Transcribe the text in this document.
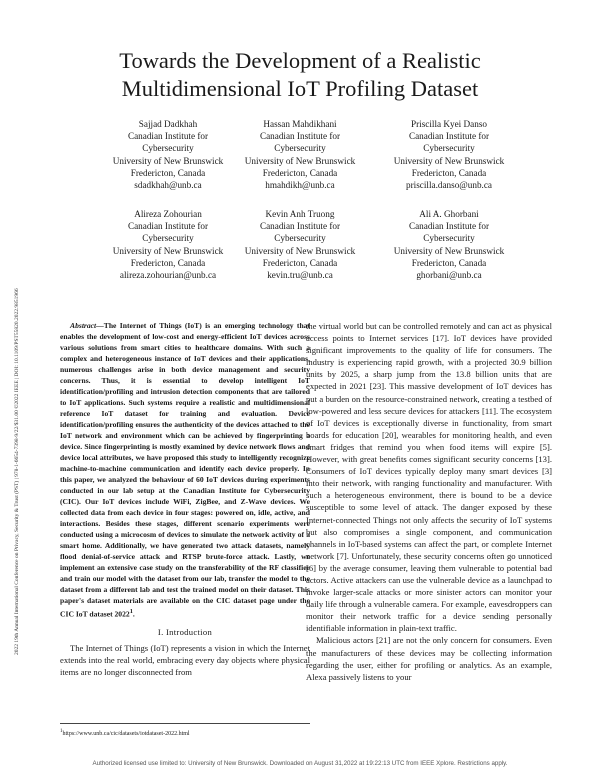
2022 19th Annual International Conference on Privacy, Security & Trust (PST) | 978-1-6654-7398-9/22/$31.00 ©2022 IEEE | DOI: 10.1109/PST55820.2022.9851966
Towards the Development of a Realistic
Multidimensional IoT Profiling Dataset
Sajjad Dadkhah
Canadian Institute for
Cybersecurity
University of New Brunswick
Fredericton, Canada
sdadkhah@unb.ca
Hassan Mahdikhani
Canadian Institute for
Cybersecurity
University of New Brunswick
Fredericton, Canada
hmahdikh@unb.ca
Priscilla Kyei Danso
Canadian Institute for
Cybersecurity
University of New Brunswick
Fredericton, Canada
priscilla.danso@unb.ca
Alireza Zohourian
Canadian Institute for
Cybersecurity
University of New Brunswick
Fredericton, Canada
alireza.zohourian@unb.ca
Kevin Anh Truong
Canadian Institute for
Cybersecurity
University of New Brunswick
Fredericton, Canada
kevin.tru@unb.ca
Ali A. Ghorbani
Canadian Institute for
Cybersecurity
University of New Brunswick
Fredericton, Canada
ghorbani@unb.ca

Abstract—The Internet of Things (IoT) is an emerging technology that enables the development of low-cost and energy-efficient IoT devices across various solutions from smart cities to healthcare domains. With such a complex and heterogeneous instance of IoT devices and their applications, numerous challenges arise in both device management and security concerns. Thus, it is essential to develop intelligent IoT identification/profiling and intrusion detection components that are tailored to IoT applications. Such systems require a realistic and multidimensional reference IoT dataset for training and evaluation. Device identification/profiling ensures the authenticity of the devices attached to the IoT network and environment which can be achieved by fingerprinting a device. Since fingerprinting is mostly examined by device network flows and device local attributes, we have proposed this study to intelligently recognize machine-to-machine communication and identify each device properly. In this paper, we analyzed the behaviour of 60 IoT devices during experiments conducted in our lab setup at the Canadian Institute for Cybersecurity (CIC). Our IoT devices include WiFi, ZigBee, and Z-Wave devices. We collected data from each device in four stages: powered on, idle, active, and interactions. Besides these stages, different scenario experiments were conducted using a microcosm of devices to simulate the network activity of a smart home. Additionally, we have generated two attack datasets, namely flood denial-of-service attack and RTSP brute-force attack. Lastly, we implement an extensive case study on the transferability of the RF classifier and train our model with the dataset from our lab, transfer the model to the dataset from a different lab and test the trained model on their dataset. This paper's dataset materials are available on the CIC dataset page under the CIC IoT dataset 2022$^1$.

I. Introduction

The Internet of Things (IoT) represents a vision in which the Internet extends into the real world, embracing every day objects where physical items are no longer disconnected from

$^1$https://www.unb.ca/cic/datasets/iotdataset-2022.html

the virtual world but can be controlled remotely and can act as physical access points to Internet services [17]. IoT devices have provided significant improvements to the quality of life for consumers. The industry is experiencing rapid growth, with a projected 30.9 billion units by 2025, a sharp jump from the 13.8 billion units that are expected in 2021 [23]. This massive development of IoT devices has put a burden on the resource-constrained network, creating a testbed of low-powered and less secure devices for attackers [11]. The ecosystem of IoT devices is exceptionally diverse in functionality, from smart boards for education [20], wearables for monitoring health, and even smart fridges that remind you when food items will expire [5]. However, with great benefits comes significant security concerns [13]. Consumers of IoT devices typically deploy many smart devices [3] into their network, with ranging functionality and manufacturer. With such a heterogeneous environment, there is bound to be a device susceptible to some level of attack. The danger exposed by these Internet-connected Things not only affects the security of IoT systems but also compromises a single component, and communication channels in IoT-based systems can affect the part, or complete Internet network [7]. Unfortunately, these security concerns often go unnoticed [6] by the average consumer, leaving them vulnerable to potential bad actors. Active attackers can use the vulnerable device as a launchpad to invoke larger-scale attacks or more sinister actors can monitor your daily life through a vulnerable camera. For example, eavesdroppers can monitor their network traffic for a device sending personally identifiable information in plain-text traffic.

Malicious actors [21] are not the only concern for consumers. Even the manufacturers of these devices may be collecting information regarding the user, either for profiling or analytics. As an example, Alexa passively listens to your

Authorized licensed use limited to: University of New Brunswick. Downloaded on August 31,2022 at 19:22:13 UTC from IEEE Xplore. Restrictions apply.
